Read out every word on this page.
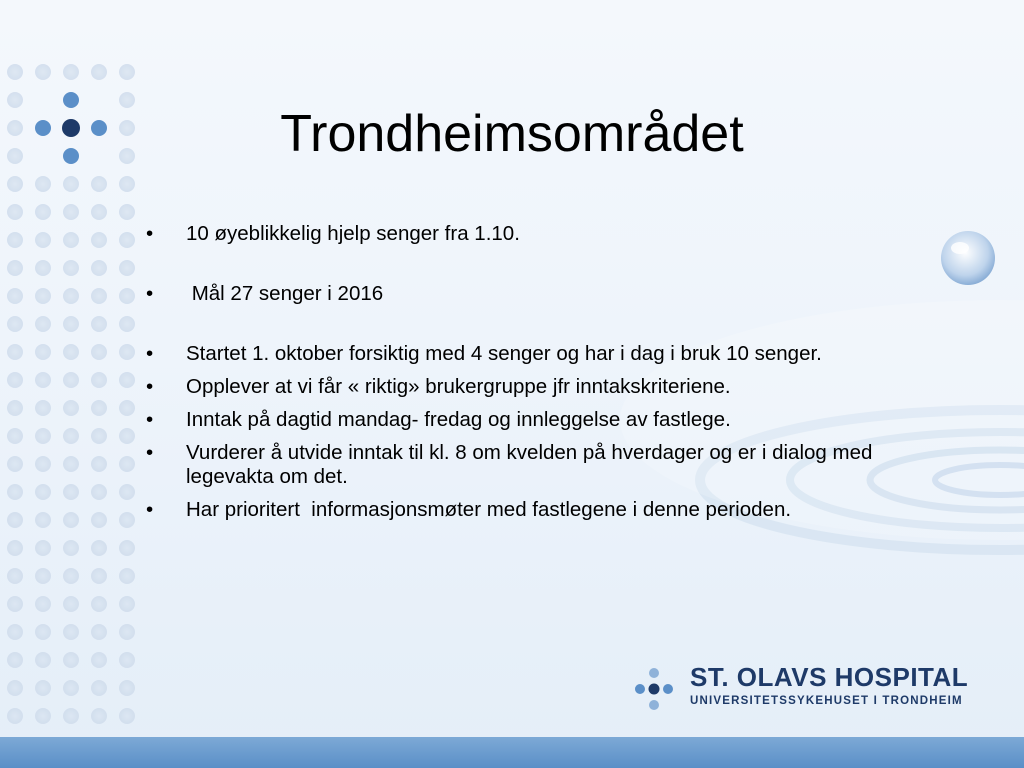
Trondheimsområdet
• 10 øyeblikkelig hjelp senger fra 1.10.
• Mål 27 senger i 2016
• Startet 1. oktober forsiktig med 4 senger og har i dag i bruk 10 senger.
• Opplever at vi får « riktig» brukergruppe jfr inntakskriteriene.
• Inntak på dagtid mandag- fredag og innleggelse av fastlege.
• Vurderer å utvide inntak til kl. 8 om kvelden på hverdager og er i dialog med legevakta om det.
• Har prioritert  informasjonsmøter med fastlegene i denne perioden.
ST. OLAVS HOSPITAL
UNIVERSITETSSYKEHUSET I TRONDHEIM
